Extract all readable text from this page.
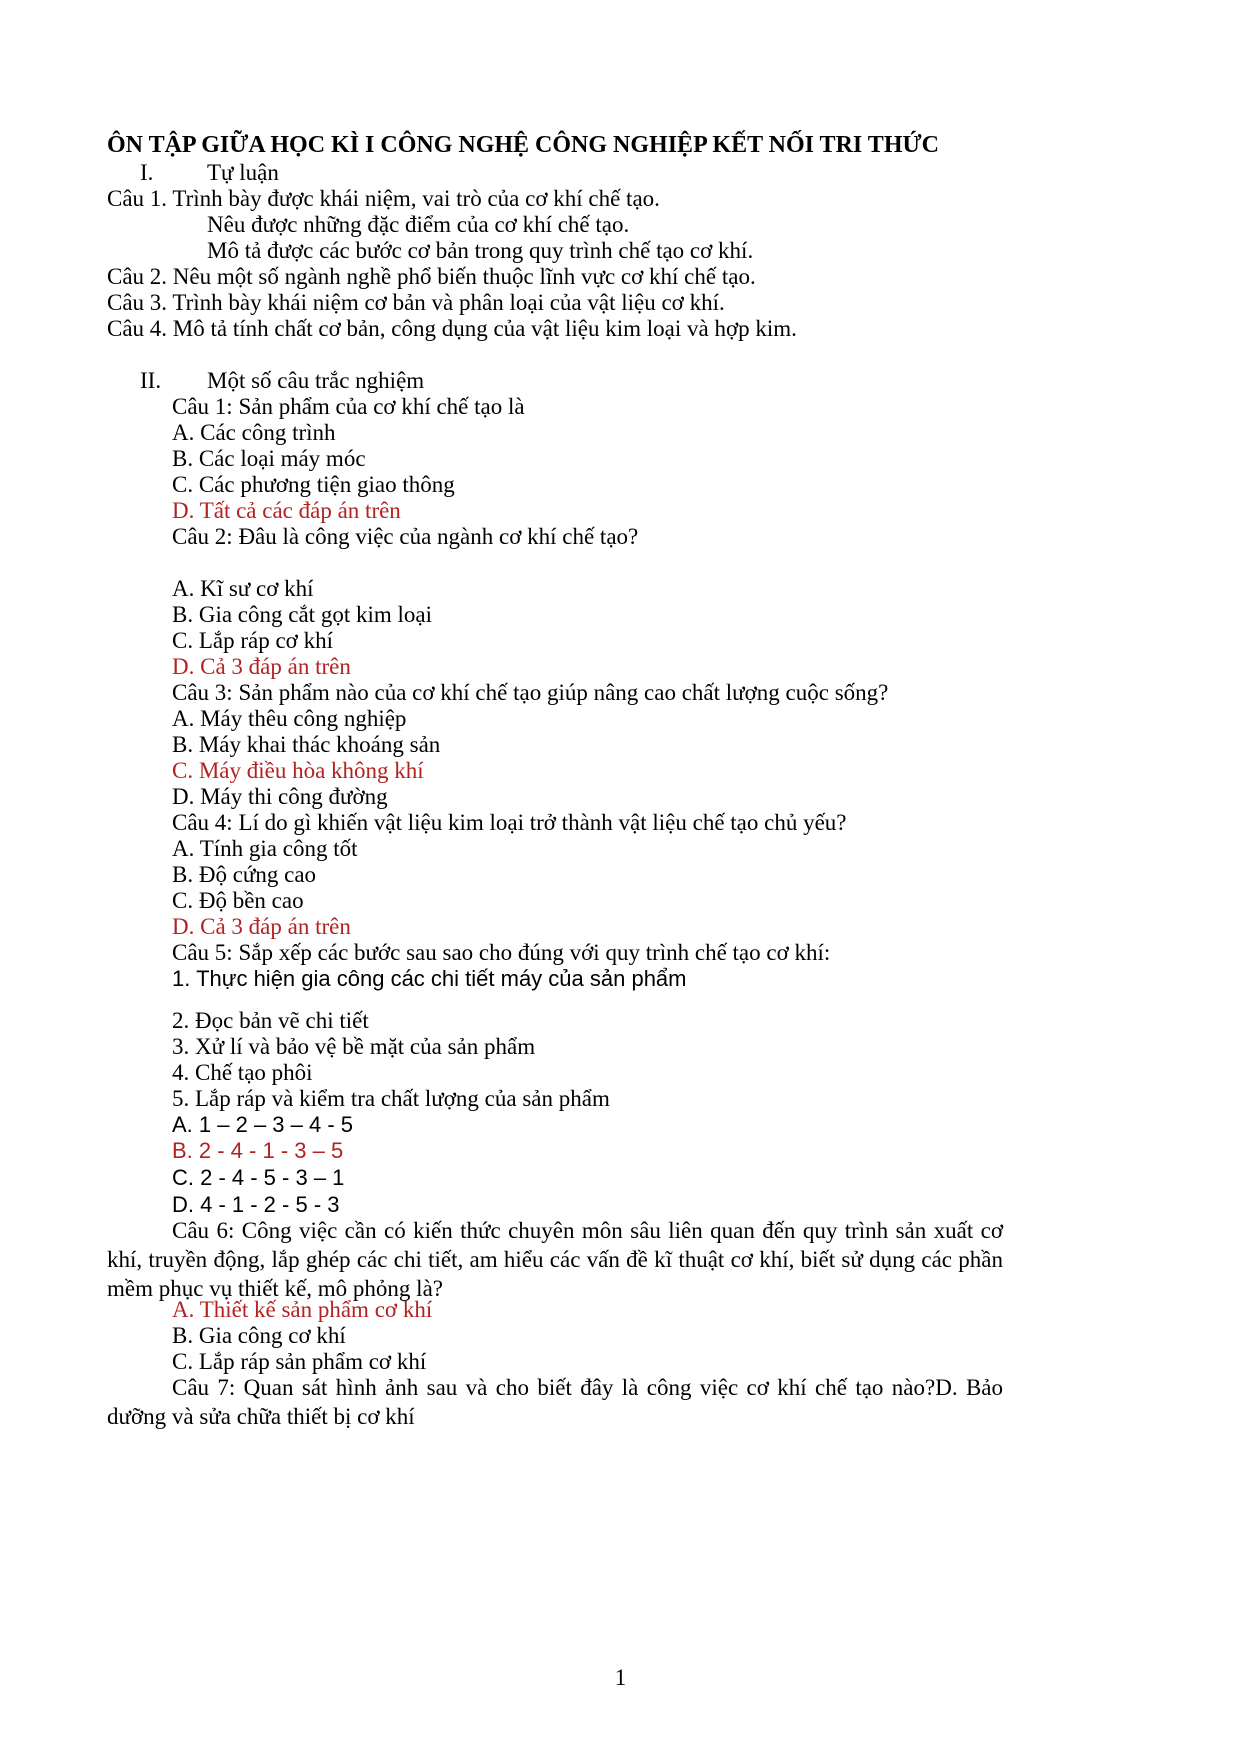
ÔN TẬP GIỮA HỌC KÌ I CÔNG NGHỆ CÔNG NGHIỆP KẾT NỐI TRI THỨC
I. Tự luận
Câu 1. Trình bày được khái niệm, vai trò của cơ khí chế tạo.
Nêu được những đặc điểm của cơ khí chế tạo.
Mô tả được các bước cơ bản trong quy trình chế tạo cơ khí.
Câu 2. Nêu một số ngành nghề phổ biến thuộc lĩnh vực cơ khí chế tạo.
Câu 3. Trình bày khái niệm cơ bản và phân loại của vật liệu cơ khí.
Câu 4. Mô tả tính chất cơ bản, công dụng của vật liệu kim loại và hợp kim.
II. Một số câu trắc nghiệm
Câu 1: Sản phẩm của cơ khí chế tạo là
A. Các công trình
B. Các loại máy móc
C. Các phương tiện giao thông
D. Tất cả các đáp án trên
Câu 2: Đâu là công việc của ngành cơ khí chế tạo?
A. Kĩ sư cơ khí
B. Gia công cắt gọt kim loại
C. Lắp ráp cơ khí
D. Cả 3 đáp án trên
Câu 3: Sản phẩm nào của cơ khí chế tạo giúp nâng cao chất lượng cuộc sống?
A. Máy thêu công nghiệp
B. Máy khai thác khoáng sản
C. Máy điều hòa không khí
D. Máy thi công đường
Câu 4: Lí do gì khiến vật liệu kim loại trở thành vật liệu chế tạo chủ yếu?
A. Tính gia công tốt
B. Độ cứng cao
C. Độ bền cao
D. Cả 3 đáp án trên
Câu 5: Sắp xếp các bước sau sao cho đúng với quy trình chế tạo cơ khí:
1. Thực hiện gia công các chi tiết máy của sản phẩm
2. Đọc bản vẽ chi tiết
3. Xử lí và bảo vệ bề mặt của sản phẩm
4. Chế tạo phôi
5. Lắp ráp và kiểm tra chất lượng của sản phẩm
A. 1 – 2 – 3 – 4 - 5
B. 2 - 4 - 1 - 3 – 5
C. 2 - 4 - 5 - 3 – 1
D. 4 - 1 - 2 - 5 - 3
Câu 6: Công việc cần có kiến thức chuyên môn sâu liên quan đến quy trình sản xuất cơ khí, truyền động, lắp ghép các chi tiết, am hiểu các vấn đề kĩ thuật cơ khí, biết sử dụng các phần mềm phục vụ thiết kế, mô phỏng là?
A. Thiết kế sản phẩm cơ khí
B. Gia công cơ khí
C. Lắp ráp sản phẩm cơ khí
Câu 7: Quan sát hình ảnh sau và cho biết đây là công việc cơ khí chế tạo nào?D. Bảo dưỡng và sửa chữa thiết bị cơ khí
1
